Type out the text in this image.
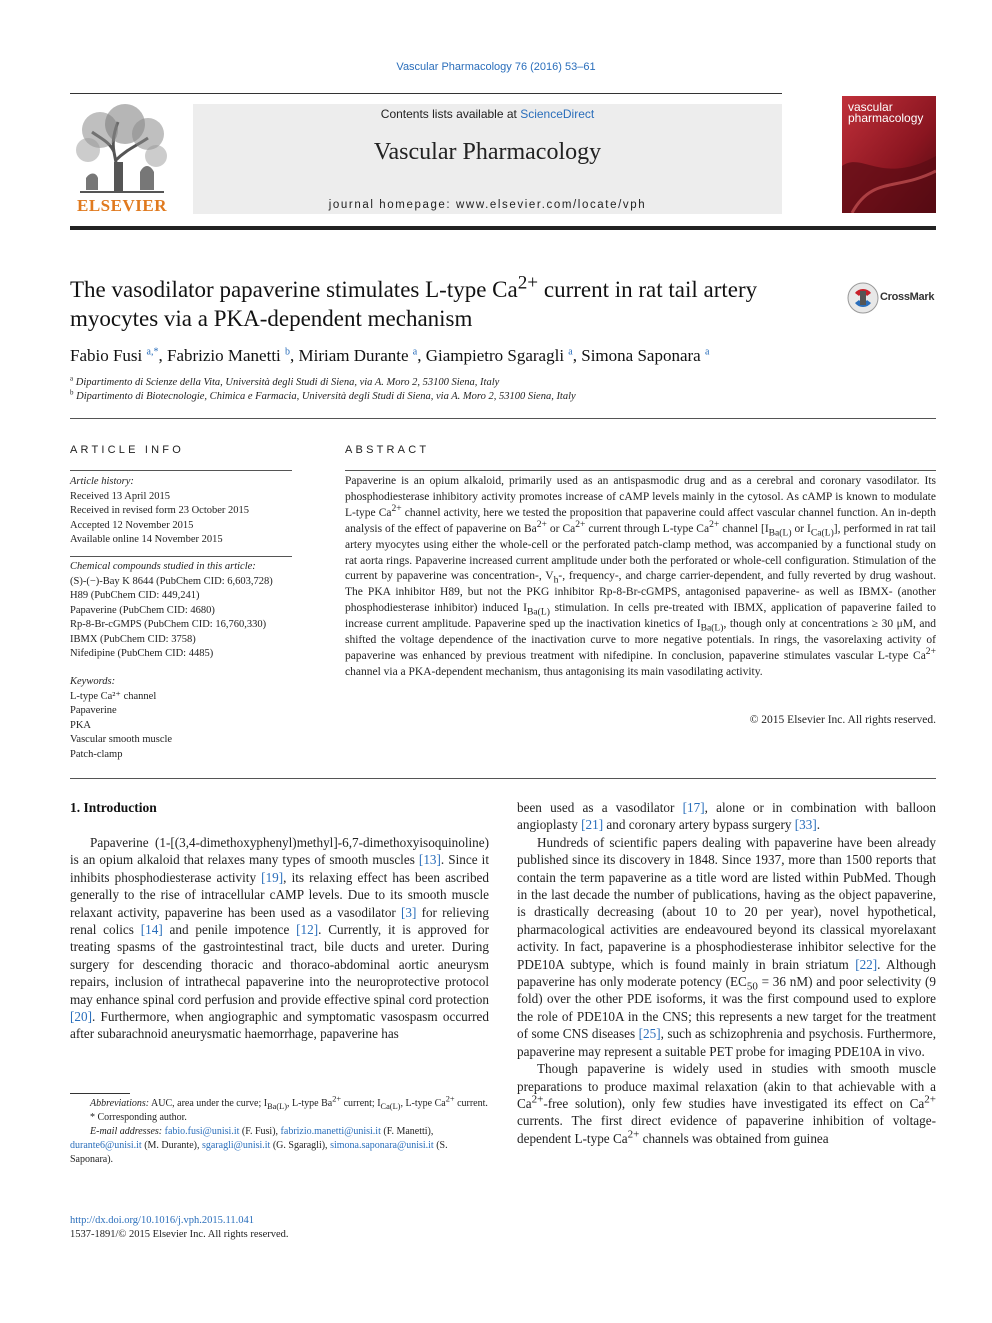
Vascular Pharmacology 76 (2016) 53–61
ELSEVIER
Contents lists available at ScienceDirect
Vascular Pharmacology
journal homepage: www.elsevier.com/locate/vph
vascular
pharmacology
The vasodilator papaverine stimulates L-type $Ca^{2+}$ current in rat tail artery myocytes via a PKA-dependent mechanism
CrossMark
Fabio Fusi $^{a,*}$, Fabrizio Manetti $^b$, Miriam Durante $^a$, Giampietro Sgaragli $^a$, Simona Saponara $^a$
$^a$ Dipartimento di Scienze della Vita, Università degli Studi di Siena, via A. Moro 2, 53100 Siena, Italy
$^b$ Dipartimento di Biotecnologie, Chimica e Farmacia, Università degli Studi di Siena, via A. Moro 2, 53100 Siena, Italy
ARTICLE INFO
Article history:
Received 13 April 2015
Received in revised form 23 October 2015
Accepted 12 November 2015
Available online 14 November 2015
Chemical compounds studied in this article:
(S)-(−)-Bay K 8644 (PubChem CID: 6,603,728)
H89 (PubChem CID: 449,241)
Papaverine (PubChem CID: 4680)
Rp-8-Br-cGMPS (PubChem CID: 16,760,330)
IBMX (PubChem CID: 3758)
Nifedipine (PubChem CID: 4485)
Keywords:
L-type Ca²⁺ channel
Papaverine
PKA
Vascular smooth muscle
Patch-clamp
ABSTRACT
Papaverine is an opium alkaloid, primarily used as an antispasmodic drug and as a cerebral and coronary vasodilator. Its phosphodiesterase inhibitory activity promotes increase of cAMP levels mainly in the cytosol. As cAMP is known to modulate L-type $Ca^{2+}$ channel activity, here we tested the proposition that papaverine could affect vascular channel function. An in-depth analysis of the effect of papaverine on $Ba^{2+}$ or $Ca^{2+}$ current through L-type $Ca^{2+}$ channel [$I_{Ba(L)}$ or $I_{Ca(L)}$], performed in rat tail artery myocytes using either the whole-cell or the perforated patch-clamp method, was accompanied by a functional study on rat aorta rings. Papaverine increased current amplitude under both the perforated or whole-cell configuration. Stimulation of the current by papaverine was concentration-, $V_h-$, frequency-, and charge carrier-dependent, and fully reverted by drug washout. The PKA inhibitor H89, but not the PKG inhibitor Rp-8-Br-cGMPS, antagonised papaverine- as well as IBMX- (another phosphodiesterase inhibitor) induced $I_{Ba(L)}$ stimulation. In cells pre-treated with IBMX, application of papaverine failed to increase current amplitude. Papaverine sped up the inactivation kinetics of $I_{Ba(L)}$, though only at concentrations ≥ 30 μM, and shifted the voltage dependence of the inactivation curve to more negative potentials. In rings, the vasorelaxing activity of papaverine was enhanced by previous treatment with nifedipine. In conclusion, papaverine stimulates vascular L-type $Ca^{2+}$ channel via a PKA-dependent mechanism, thus antagonising its main vasodilating activity.
© 2015 Elsevier Inc. All rights reserved.
1. Introduction

Papaverine (1-[(3,4-dimethoxyphenyl)methyl]-6,7-dimethoxyisoquinoline) is an opium alkaloid that relaxes many types of smooth muscles [13]. Since it inhibits phosphodiesterase activity [19], its relaxing effect has been ascribed generally to the rise of intracellular cAMP levels. Due to its smooth muscle relaxant activity, papaverine has been used as a vasodilator [3] for relieving renal colics [14] and penile impotence [12]. Currently, it is approved for treating spasms of the gastrointestinal tract, bile ducts and ureter. During surgery for descending thoracic and thoraco-abdominal aortic aneurysm repairs, inclusion of intrathecal papaverine into the neuroprotective protocol may enhance spinal cord perfusion and provide effective spinal cord protection [20]. Furthermore, when angiographic and symptomatic vasospasm occurred after subarachnoid aneurysmatic haemorrhage, papaverine has

Abbreviations: AUC, area under the curve; $I_{Ba(L)}$, L-type $Ba^{2+}$ current; $I_{Ca(L)}$, L-type $Ca^{2+}$ current.

* Corresponding author.

E-mail addresses: fabio.fusi@unisi.it (F. Fusi), fabrizio.manetti@unisi.it (F. Manetti), durante6@unisi.it (M. Durante), sgaragli@unisi.it (G. Sgaragli), simona.saponara@unisi.it (S. Saponara).

http://dx.doi.org/10.1016/j.vph.2015.11.041
1537-1891/© 2015 Elsevier Inc. All rights reserved.

been used as a vasodilator [17], alone or in combination with balloon angioplasty [21] and coronary artery bypass surgery [33].

Hundreds of scientific papers dealing with papaverine have been already published since its discovery in 1848. Since 1937, more than 1500 reports that contain the term papaverine as a title word are listed within PubMed. Though in the last decade the number of publications, having as the object papaverine, is drastically decreasing (about 10 to 20 per year), novel hypothetical, pharmacological activities are endeavoured beyond its classical myorelaxant activity. In fact, papaverine is a phosphodiesterase inhibitor selective for the PDE10A subtype, which is found mainly in brain striatum [22]. Although papaverine has only moderate potency ($EC_{50} = 36$ nM) and poor selectivity (9 fold) over the other PDE isoforms, it was the first compound used to explore the role of PDE10A in the CNS; this represents a new target for the treatment of some CNS diseases [25], such as schizophrenia and psychosis. Furthermore, papaverine may represent a suitable PET probe for imaging PDE10A in vivo.

Though papaverine is widely used in studies with smooth muscle preparations to produce maximal relaxation (akin to that achievable with a $Ca^{2+}$-free solution), only few studies have investigated its effect on $Ca^{2+}$ currents. The first direct evidence of papaverine inhibition of voltage-dependent L-type $Ca^{2+}$ channels was obtained from guinea
